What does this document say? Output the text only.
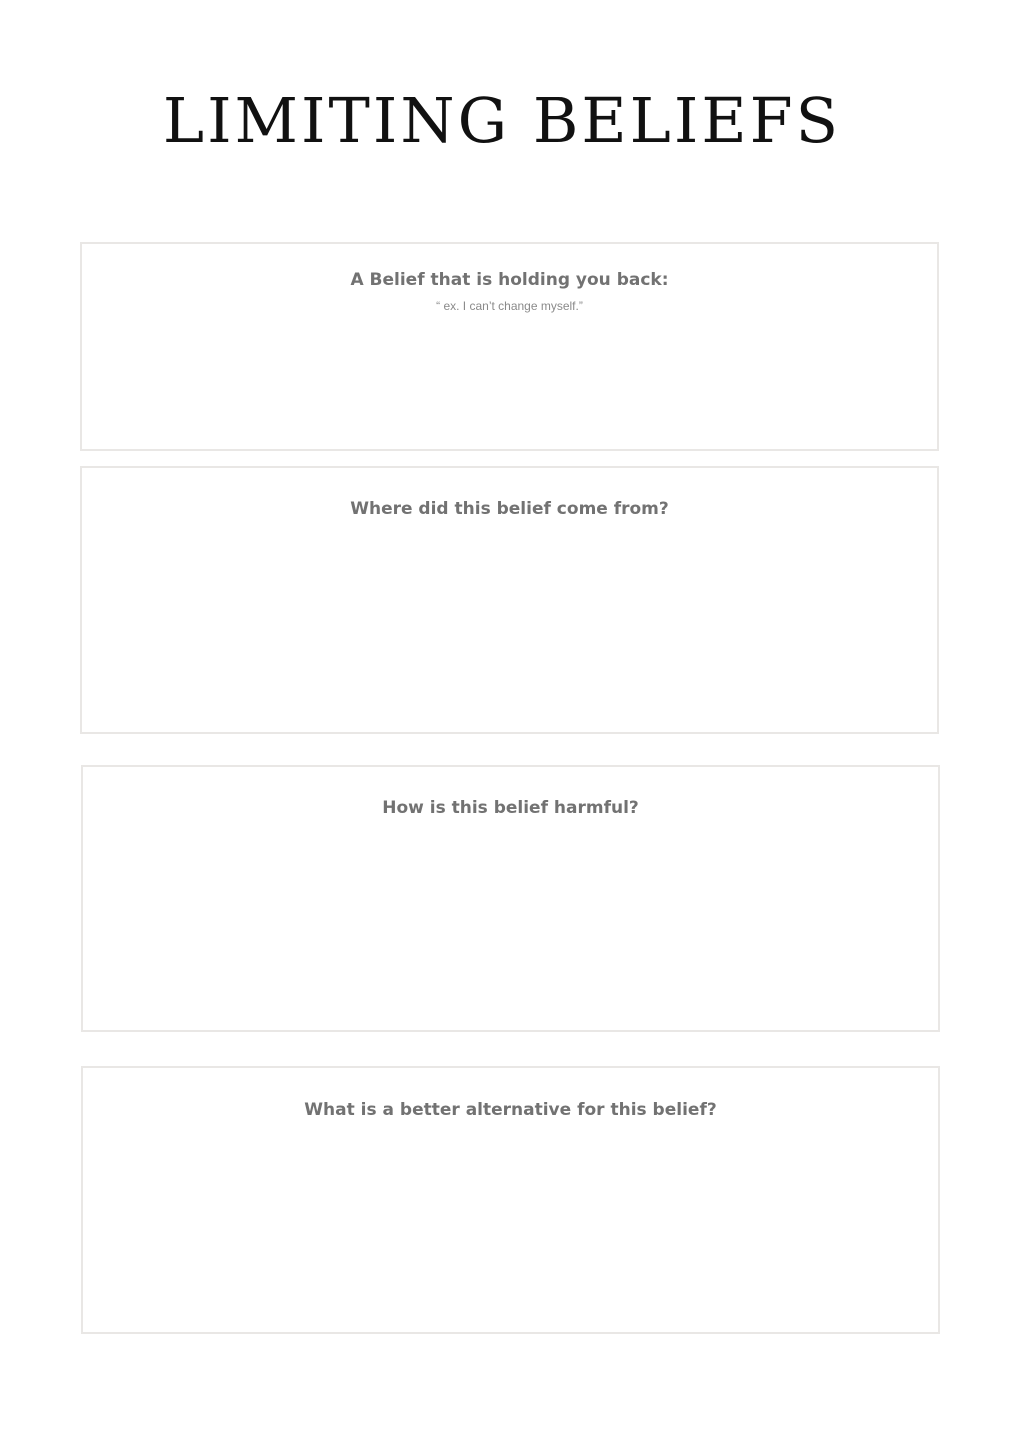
LIMITING BELIEFS

A Belief that is holding you back:

“ ex. I can’t change myself.”

Where did this belief come from?

How is this belief harmful?

What is a better alternative for this belief?
